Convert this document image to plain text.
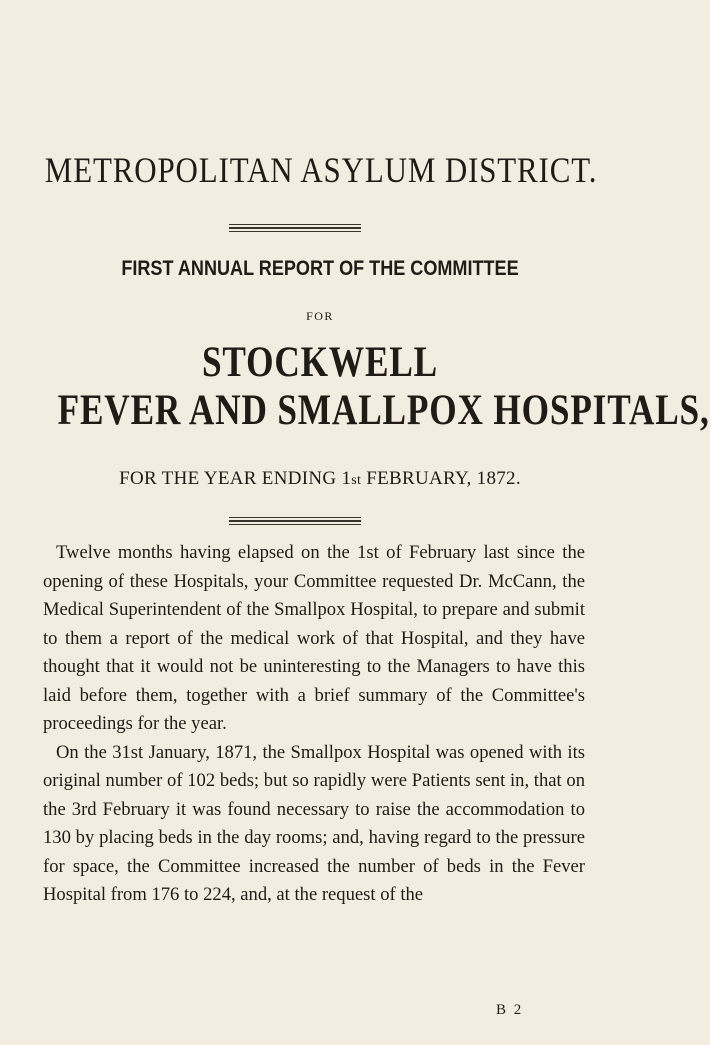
METROPOLITAN ASYLUM DISTRICT.
FIRST ANNUAL REPORT OF THE COMMITTEE
FOR
STOCKWELL
FEVER AND SMALLPOX HOSPITALS,
FOR THE YEAR ENDING 1st FEBRUARY, 1872.

Twelve months having elapsed on the 1st of February last since the opening of these Hospitals, your Committee requested Dr. McCann, the Medical Superintendent of the Smallpox Hospital, to prepare and submit to them a report of the medical work of that Hospital, and they have thought that it would not be uninteresting to the Managers to have this laid before them, together with a brief summary of the Committee's proceedings for the year.

On the 31st January, 1871, the Smallpox Hospital was opened with its original number of 102 beds; but so rapidly were Patients sent in, that on the 3rd February it was found necessary to raise the accommodation to 130 by placing beds in the day rooms; and, having regard to the pressure for space, the Committee increased the number of beds in the Fever Hospital from 176 to 224, and, at the request of the

B 2
